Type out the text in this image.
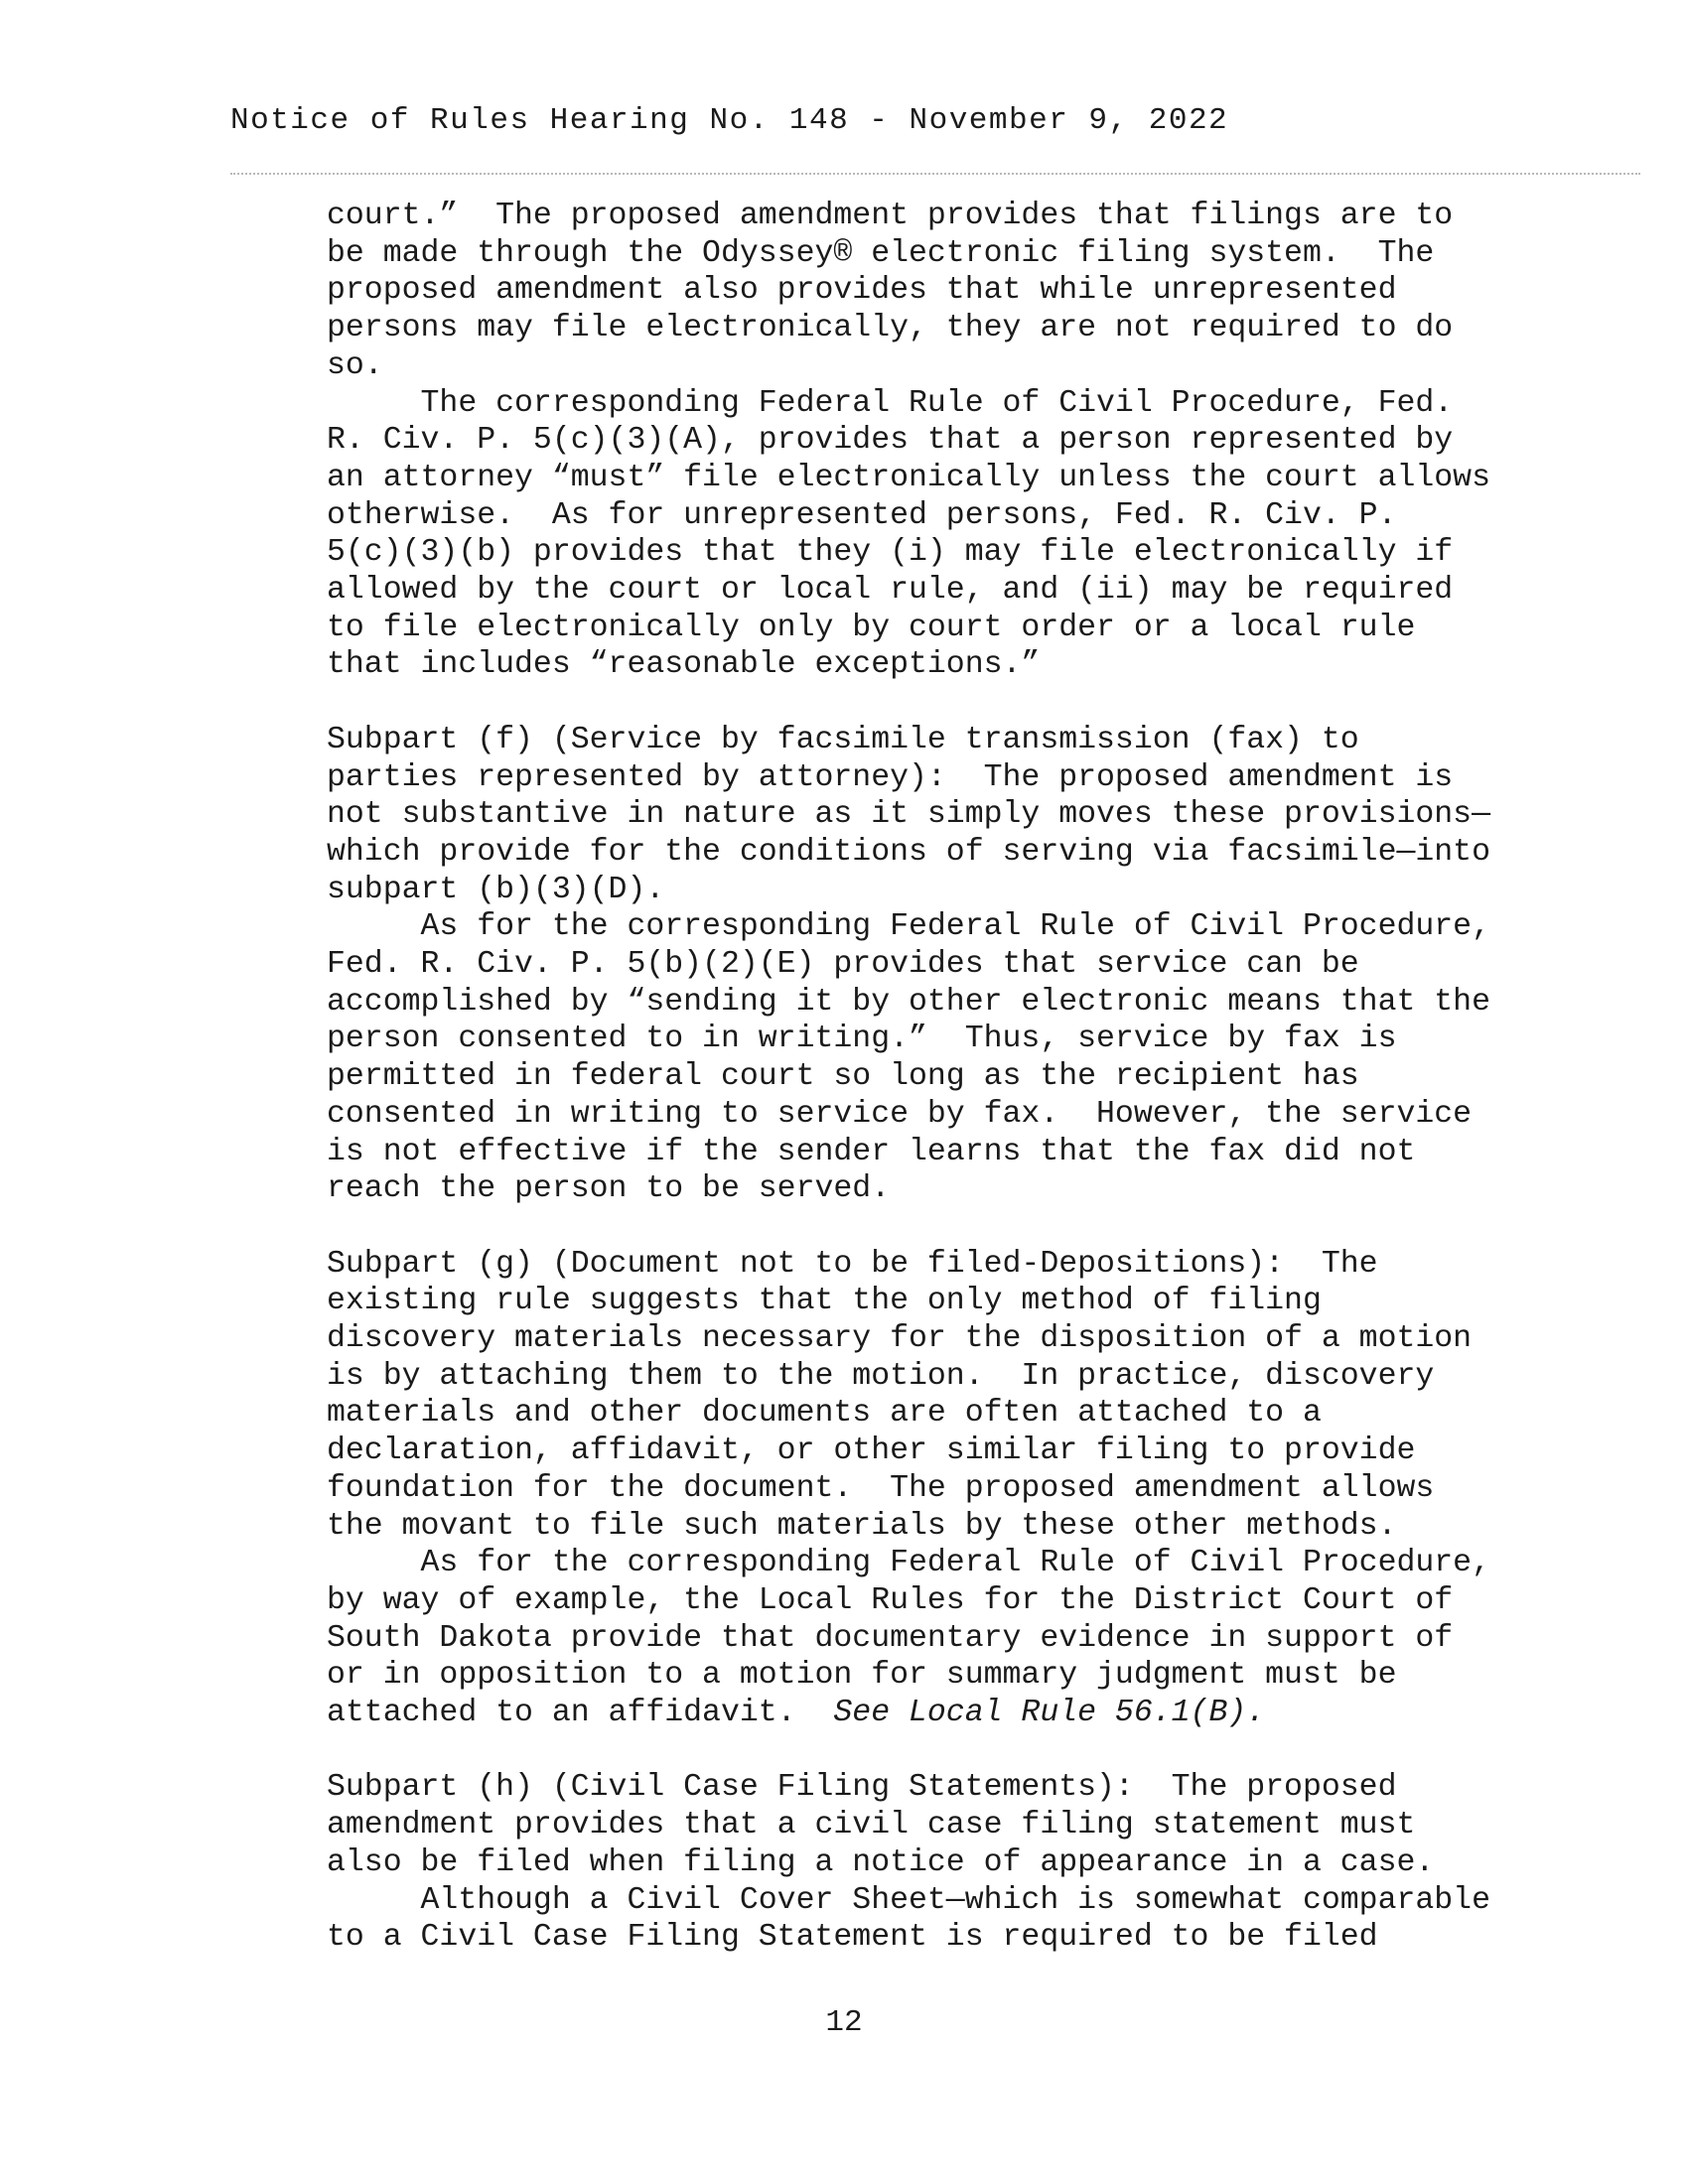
Notice of Rules Hearing No. 148 - November 9, 2022
court.”  The proposed amendment provides that filings are to
be made through the Odyssey® electronic filing system.  The
proposed amendment also provides that while unrepresented
persons may file electronically, they are not required to do
so.
The corresponding Federal Rule of Civil Procedure, Fed.
R. Civ. P. 5(c)(3)(A), provides that a person represented by
an attorney “must” file electronically unless the court allows
otherwise.  As for unrepresented persons, Fed. R. Civ. P.
5(c)(3)(b) provides that they (i) may file electronically if
allowed by the court or local rule, and (ii) may be required
to file electronically only by court order or a local rule
that includes “reasonable exceptions.”
Subpart (f) (Service by facsimile transmission (fax) to
parties represented by attorney):  The proposed amendment is
not substantive in nature as it simply moves these provisions—
which provide for the conditions of serving via facsimile—into
subpart (b)(3)(D).
As for the corresponding Federal Rule of Civil Procedure,
Fed. R. Civ. P. 5(b)(2)(E) provides that service can be
accomplished by “sending it by other electronic means that the
person consented to in writing.”  Thus, service by fax is
permitted in federal court so long as the recipient has
consented in writing to service by fax.  However, the service
is not effective if the sender learns that the fax did not
reach the person to be served.
Subpart (g) (Document not to be filed-Depositions):  The
existing rule suggests that the only method of filing
discovery materials necessary for the disposition of a motion
is by attaching them to the motion.  In practice, discovery
materials and other documents are often attached to a
declaration, affidavit, or other similar filing to provide
foundation for the document.  The proposed amendment allows
the movant to file such materials by these other methods.
As for the corresponding Federal Rule of Civil Procedure,
by way of example, the Local Rules for the District Court of
South Dakota provide that documentary evidence in support of
or in opposition to a motion for summary judgment must be
attached to an affidavit.  See Local Rule 56.1(B).
Subpart (h) (Civil Case Filing Statements):  The proposed
amendment provides that a civil case filing statement must
also be filed when filing a notice of appearance in a case.
Although a Civil Cover Sheet—which is somewhat comparable
to a Civil Case Filing Statement is required to be filed
12
